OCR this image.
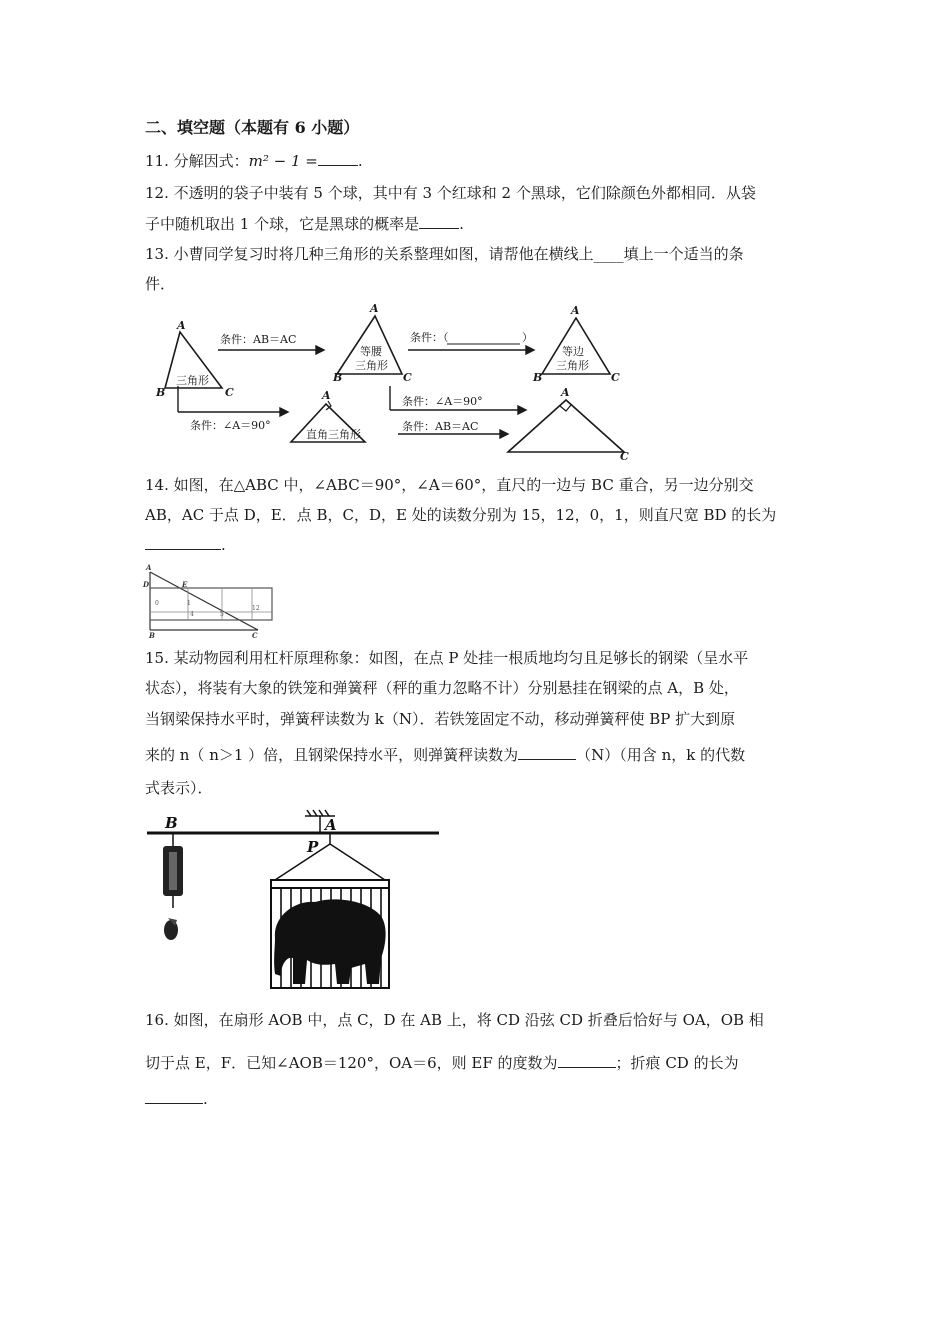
二、填空题（本题有 6 小题）
11. 分解因式：m² − 1 =	.
12. 不透明的袋子中装有 5 个球，其中有 3 个红球和 2 个黑球，它们除颜色外都相同．从袋
子中随机取出 1 个球，它是黑球的概率是	.
13. 小曹同学复习时将几种三角形的关系整理如图，请帮他在横线上____填上一个适当的条
件．
A
B	C
A
B	C
A
B	C
A	A
C
三角形
等腰
三角形
等边
三角形
直角三角形
条件：AB＝AC	条件：（	）
条件：∠A＝90°
条件：∠A＝90°	条件：AB＝AC
14. 如图，在△ABC 中，∠ABC＝90°，∠A＝60°，直尺的一边与 BC 重合，另一边分别交
AB，AC 于点 D，E．点 B，C，D，E 处的读数分别为 15，12，0，1，则直尺宽 BD 的长为
.
A
D	E
B	C
0	1
4	5
12
15. 某动物园利用杠杆原理称象：如图，在点 P 处挂一根质地均匀且足够长的钢梁（呈水平
状态），将装有大象的铁笼和弹簧秤（秤的重力忽略不计）分别悬挂在钢梁的点 A，B 处，
当钢梁保持水平时，弹簧秤读数为 k（N）．若铁笼固定不动，移动弹簧秤使 BP 扩大到原
来的 n（ n＞1 ）倍，且钢梁保持水平，则弹簧秤读数为	（N）（用含 n，k 的代数
式表示）．
B	A
P
16. 如图，在扇形 AOB 中，点 C，D 在 AB 上，将 CD 沿弦 CD 折叠后恰好与 OA，OB 相
切于点 E，F．已知∠AOB＝120°，OA＝6，则 EF 的度数为	；折痕 CD 的长为
.
